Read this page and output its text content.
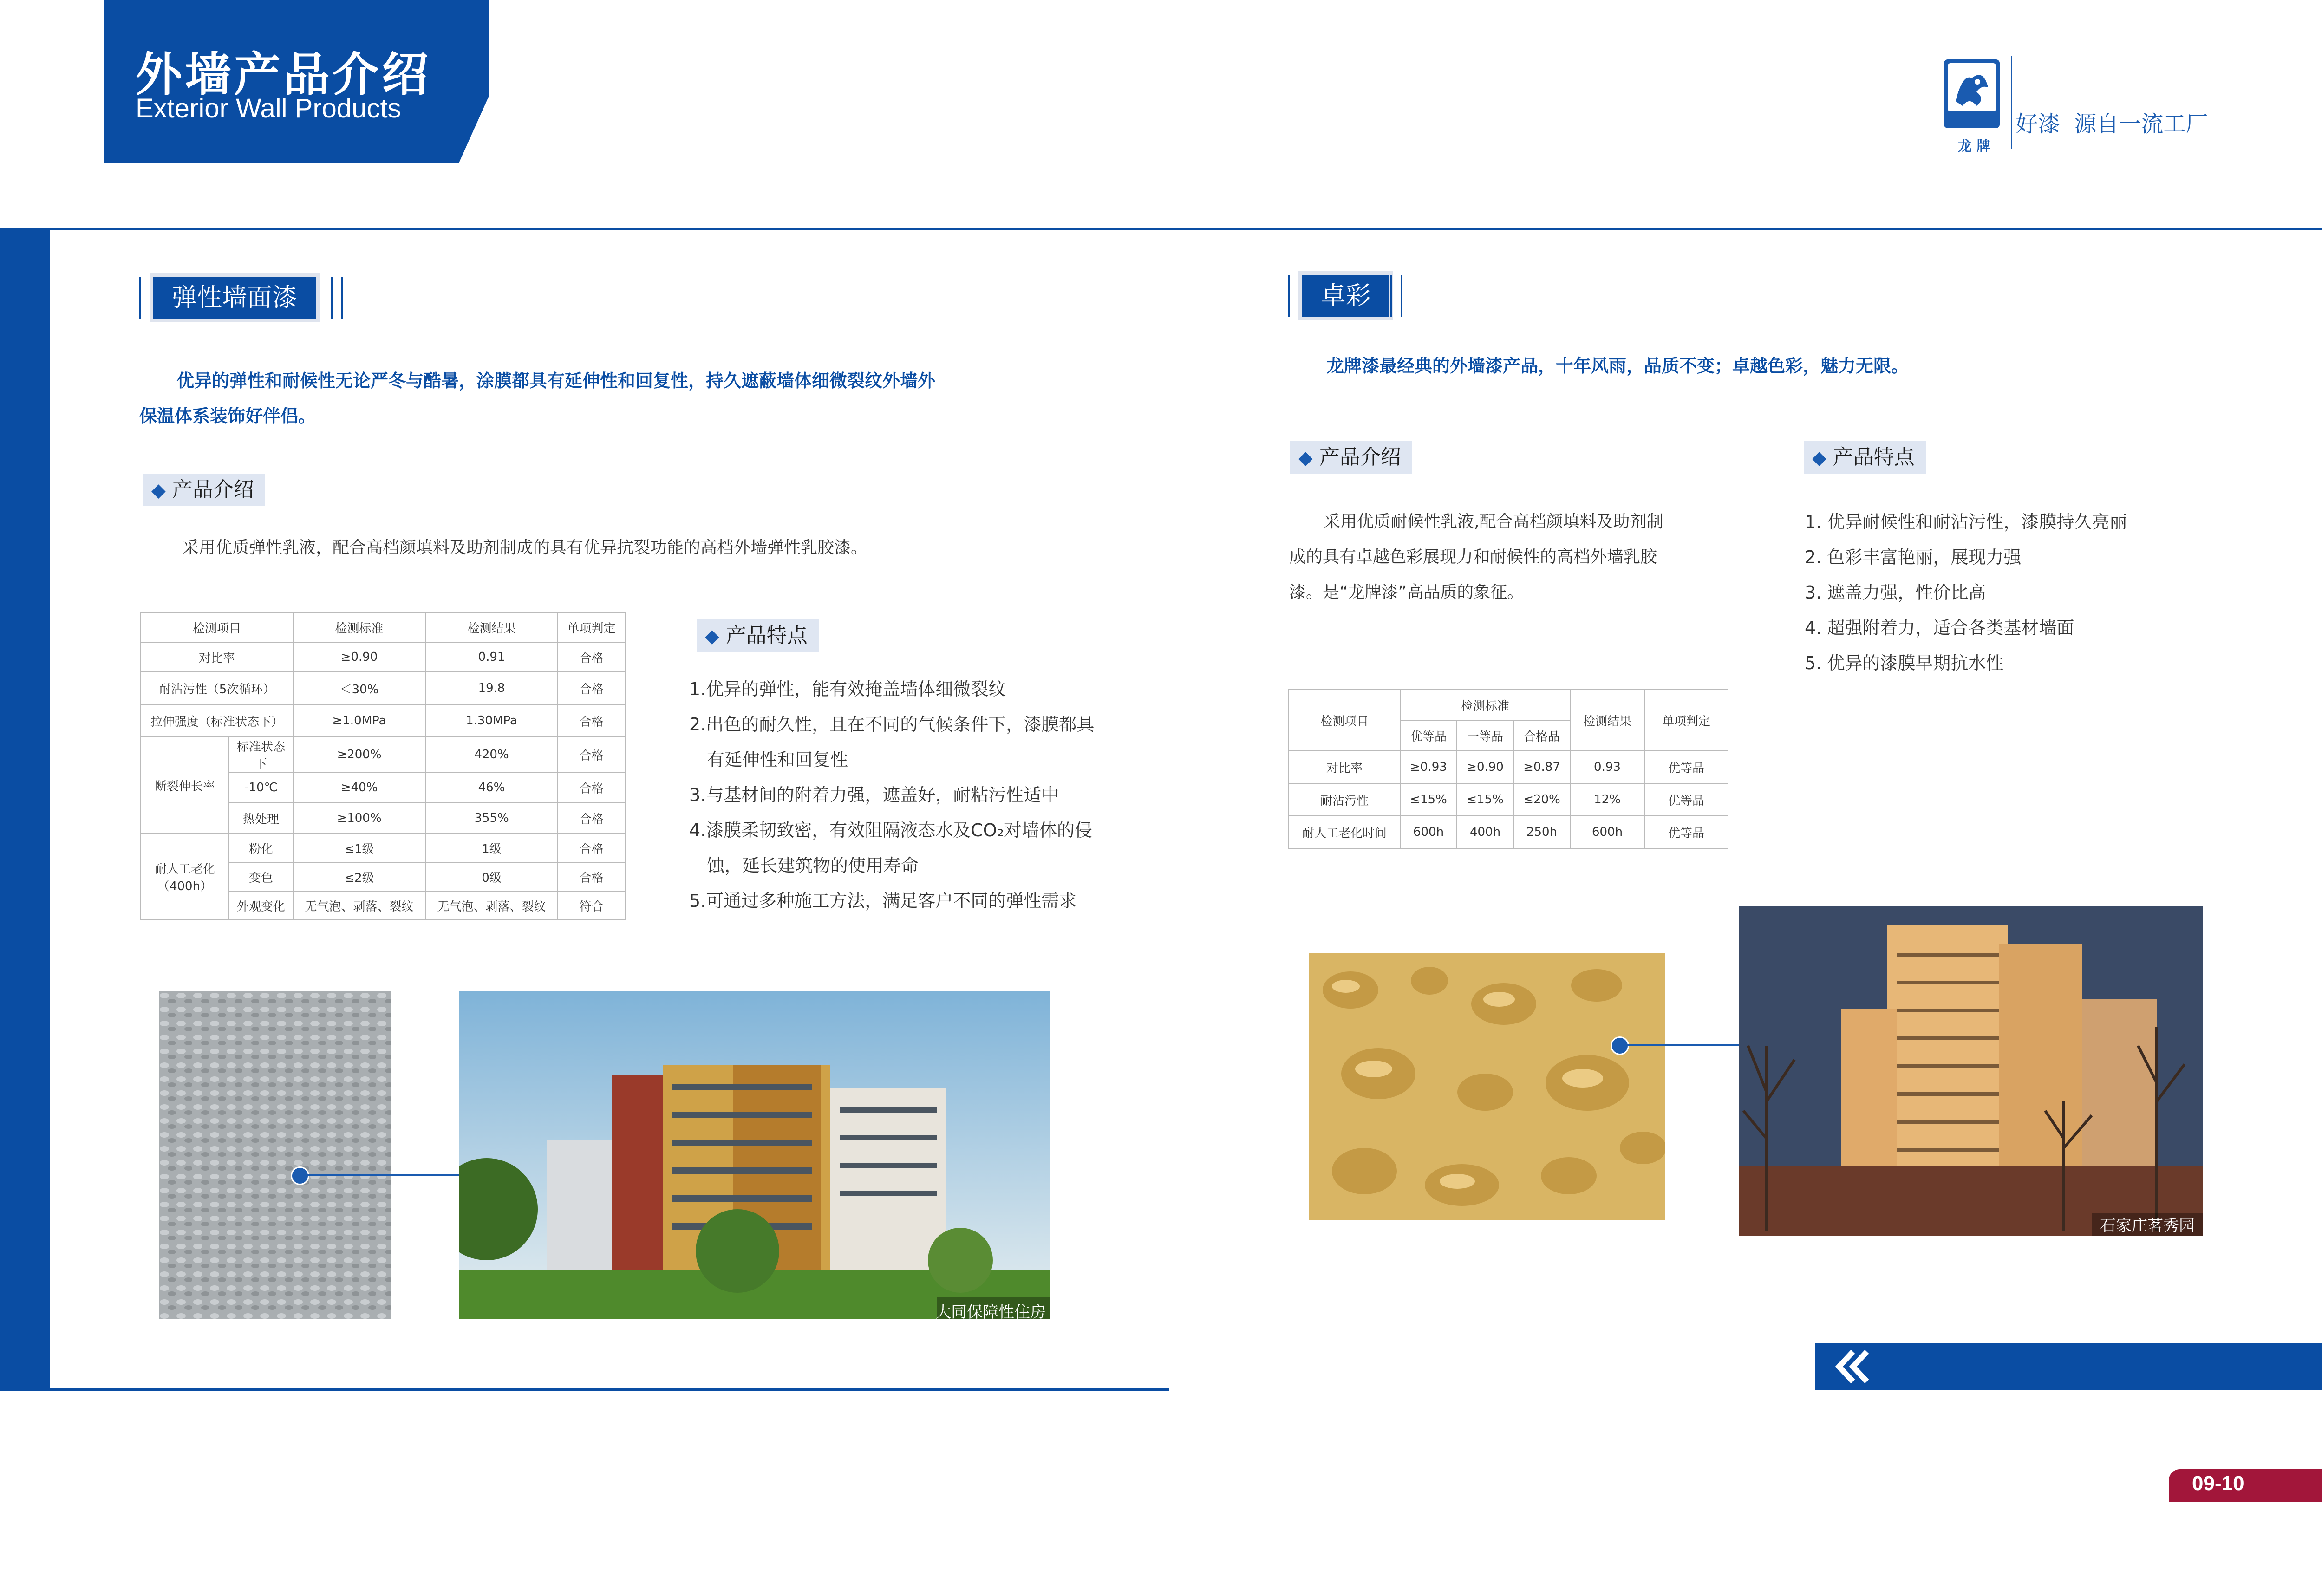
外墙产品介绍
Exterior Wall Products
龙 牌
好漆  源自一流工厂
弹性墙面漆
优异的弹性和耐候性无论严冬与酷暑，涂膜都具有延伸性和回复性，持久遮蔽墙体细微裂纹外墙外
保温体系装饰好伴侣。
◆ 产品介绍
采用优质弹性乳液，配合高档颜填料及助剂制成的具有优异抗裂功能的高档外墙弹性乳胶漆。
检测项目		检测标准	检测结果	单项判定
对比率		≥0.90	0.91	合格
耐沾污性（5次循环）		＜30%	19.8	合格
拉伸强度（标准状态下）		≥1.0MPa	1.30MPa	合格
断裂伸长率	标准状态下	≥200%	420%	合格
	-10℃	≥40%	46%	合格
	热处理	≥100%	355%	合格
耐人工老化
（400h）	粉化	≤1级	1级	合格
	变色	≤2级	0级	合格
	外观变化	无气泡、剥落、裂纹	无气泡、剥落、裂纹	符合
◆ 产品特点
1.优异的弹性，能有效掩盖墙体细微裂纹
2.出色的耐久性，且在不同的气候条件下，漆膜都具
有延伸性和回复性
3.与基材间的附着力强，遮盖好，耐粘污性适中
4.漆膜柔韧致密，有效阻隔液态水及CO₂对墙体的侵
蚀，延长建筑物的使用寿命
5.可通过多种施工方法，满足客户不同的弹性需求
大同保障性住房
卓彩
龙牌漆最经典的外墙漆产品，十年风雨，品质不变；卓越色彩，魅力无限。
◆ 产品介绍
采用优质耐候性乳液,配合高档颜填料及助剂制
成的具有卓越色彩展现力和耐候性的高档外墙乳胶
漆。是“龙牌漆”高品质的象征。
◆ 产品特点
1. 优异耐候性和耐沾污性，漆膜持久亮丽
2. 色彩丰富艳丽，展现力强
3. 遮盖力强，性价比高
4. 超强附着力，适合各类基材墙面
5. 优异的漆膜早期抗水性
检测项目	检测标准			检测结果	单项判定
	优等品	一等品	合格品		
对比率	≥0.93	≥0.90	≥0.87	0.93	优等品
耐沾污性	≤15%	≤15%	≤20%	12%	优等品
耐人工老化时间	600h	400h	250h	600h	优等品
石家庄茗秀园
09-10
